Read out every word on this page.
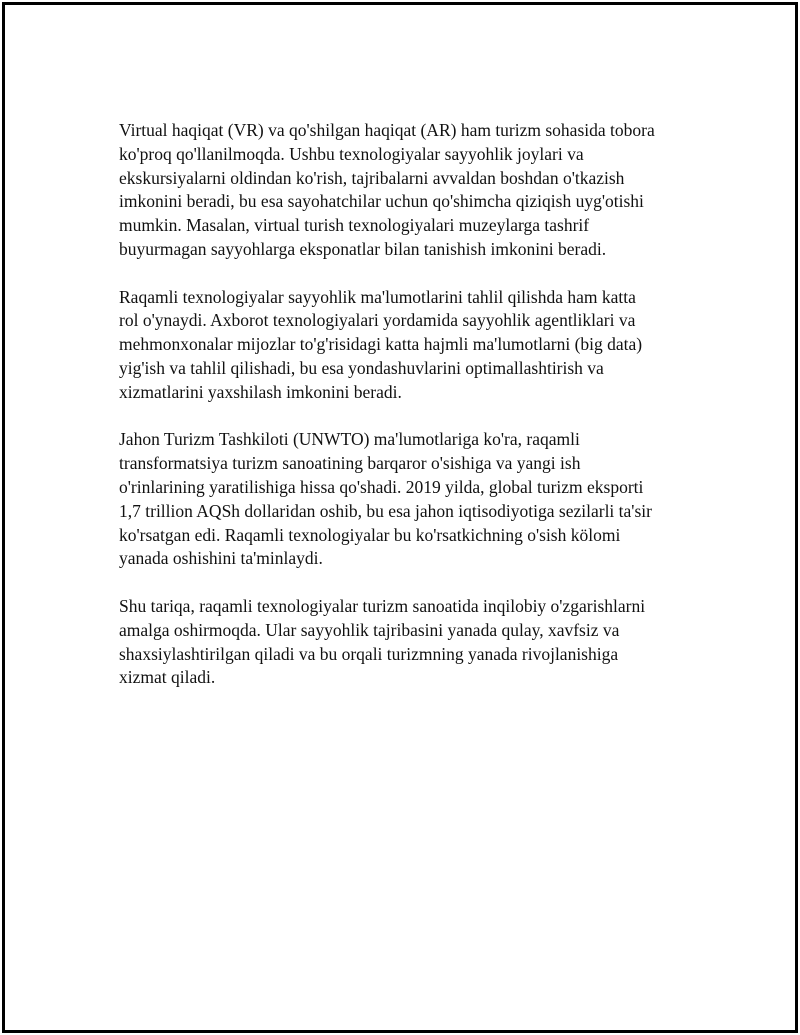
Virtual haqiqat (VR) va qo'shilgan haqiqat (AR) ham turizm sohasida tobora
ko'proq qo'llanilmoqda. Ushbu texnologiyalar sayyohlik joylari va
ekskursiyalarni oldindan ko'rish, tajribalarni avvaldan boshdan o'tkazish
imkonini beradi, bu esa sayohatchilar uchun qo'shimcha qiziqish uyg'otishi
mumkin. Masalan, virtual turish texnologiyalari muzeylarga tashrif
buyurmagan sayyohlarga eksponatlar bilan tanishish imkonini beradi.

Raqamli texnologiyalar sayyohlik ma'lumotlarini tahlil qilishda ham katta
rol o'ynaydi. Axborot texnologiyalari yordamida sayyohlik agentliklari va
mehmonxonalar mijozlar to'g'risidagi katta hajmli ma'lumotlarni (big data)
yig'ish va tahlil qilishadi, bu esa yondashuvlarini optimallashtirish va
xizmatlarini yaxshilash imkonini beradi.

Jahon Turizm Tashkiloti (UNWTO) ma'lumotlariga ko'ra, raqamli
transformatsiya turizm sanoatining barqaror o'sishiga va yangi ish
o'rinlarining yaratilishiga hissa qo'shadi. 2019 yilda, global turizm eksporti
1,7 trillion AQSh dollaridan oshib, bu esa jahon iqtisodiyotiga sezilarli ta'sir
ko'rsatgan edi. Raqamli texnologiyalar bu ko'rsatkichning o'sish kölomi
yanada oshishini ta'minlaydi.

Shu tariqa, raqamli texnologiyalar turizm sanoatida inqilobiy o'zgarishlarni
amalga oshirmoqda. Ular sayyohlik tajribasini yanada qulay, xavfsiz va
shaxsiylashtirilgan qiladi va bu orqali turizmning yanada rivojlanishiga
xizmat qiladi.
